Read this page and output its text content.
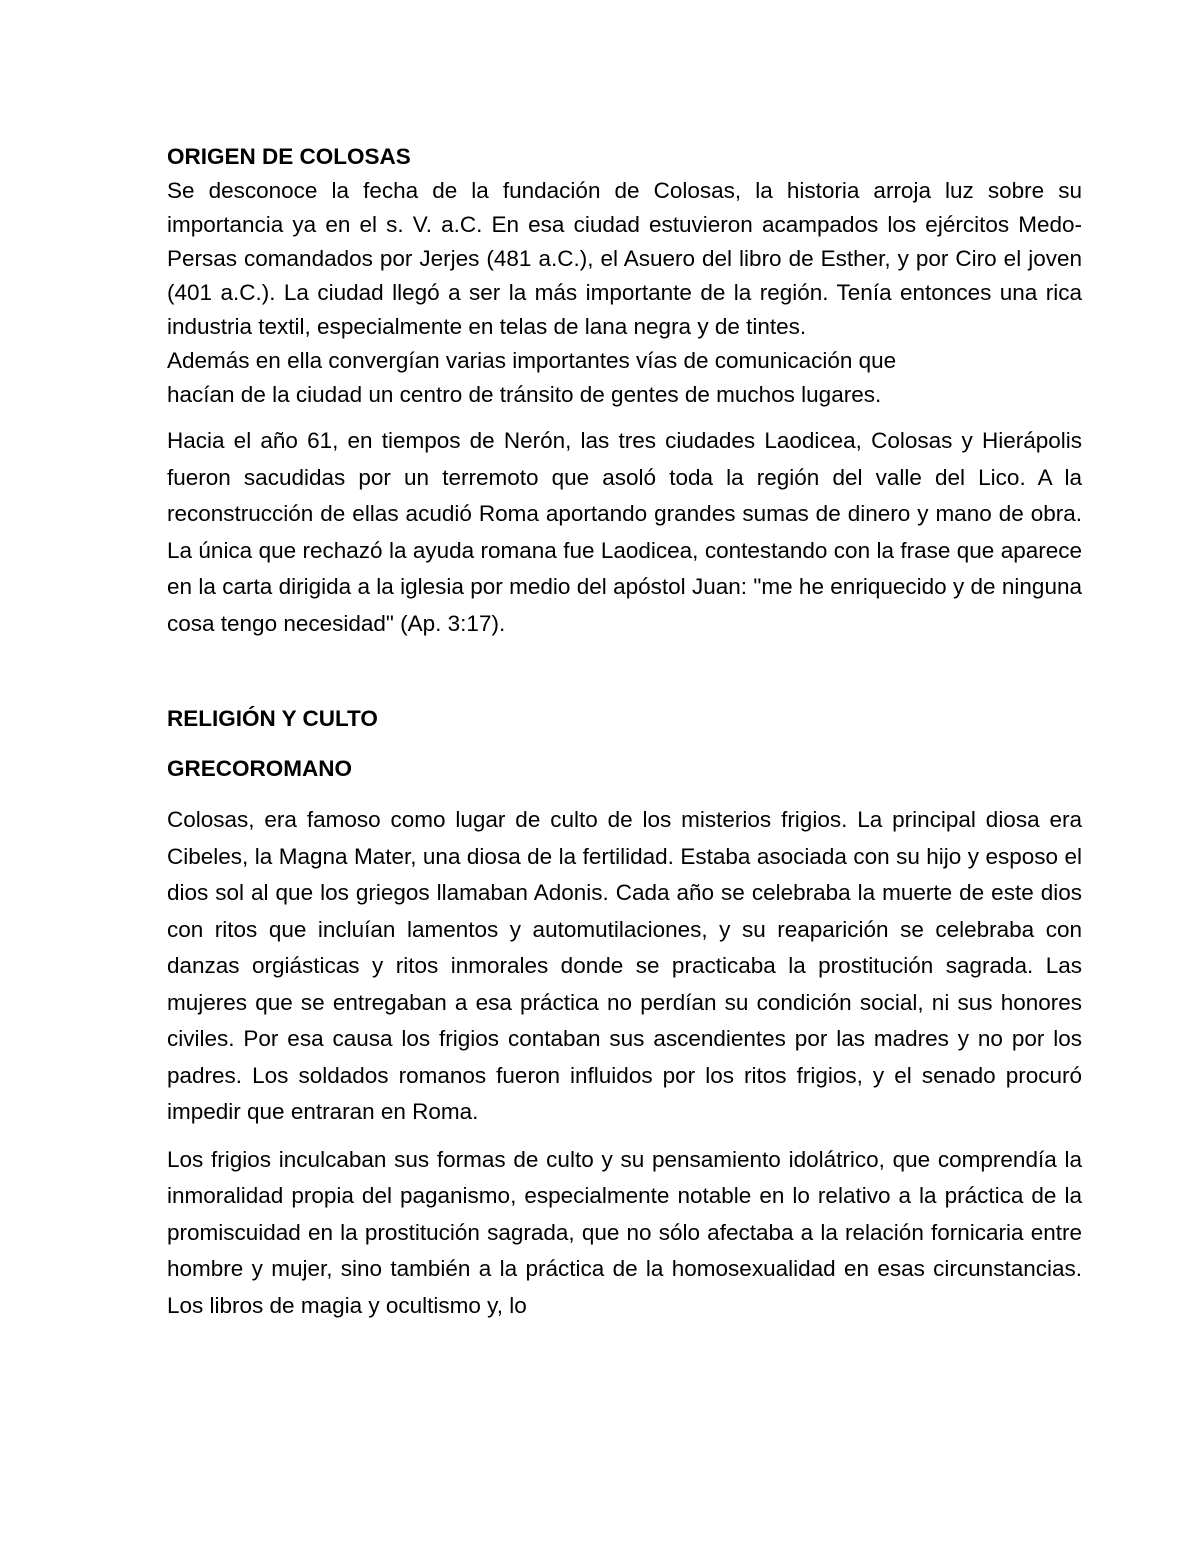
ORIGEN DE COLOSAS

Se desconoce la fecha de la fundación de Colosas, la historia arroja luz sobre su importancia ya en el s. V. a.C. En esa ciudad estuvieron acampados los ejércitos Medo-Persas comandados por Jerjes (481 a.C.), el Asuero del libro de Esther, y por Ciro el joven (401 a.C.). La ciudad llegó a ser la más importante de la región. Tenía entonces una rica industria textil, especialmente en telas de lana negra y de tintes.

Además en ella convergían varias importantes vías de comunicación que

hacían de la ciudad un centro de tránsito de gentes de muchos lugares.

Hacia el año 61, en tiempos de Nerón, las tres ciudades Laodicea, Colosas y Hierápolis fueron sacudidas por un terremoto que asoló toda la región del valle del Lico. A la reconstrucción de ellas acudió Roma aportando grandes sumas de dinero y mano de obra. La única que rechazó la ayuda romana fue Laodicea, contestando con la frase que aparece en la carta dirigida a la iglesia por medio del apóstol Juan: "me he enriquecido y de ninguna cosa tengo necesidad" (Ap. 3:17).

RELIGIÓN Y CULTO

GRECOROMANO

Colosas, era famoso como lugar de culto de los misterios frigios. La principal diosa era Cibeles, la Magna Mater, una diosa de la fertilidad. Estaba asociada con su hijo y esposo el dios sol al que los griegos llamaban Adonis. Cada año se celebraba la muerte de este dios con ritos que incluían lamentos y automutilaciones, y su reaparición se celebraba con danzas orgiásticas y ritos inmorales donde se practicaba la prostitución sagrada. Las mujeres que se entregaban a esa práctica no perdían su condición social, ni sus honores civiles. Por esa causa los frigios contaban sus ascendientes por las madres y no por los padres. Los soldados romanos fueron influidos por los ritos frigios, y el senado procuró impedir que entraran en Roma.

Los frigios inculcaban sus formas de culto y su pensamiento idolátrico, que comprendía la inmoralidad propia del paganismo, especialmente notable en lo relativo a la práctica de la promiscuidad en la prostitución sagrada, que no sólo afectaba a la relación fornicaria entre hombre y mujer, sino también a la práctica de la homosexualidad en esas circunstancias. Los libros de magia y ocultismo y, lo
